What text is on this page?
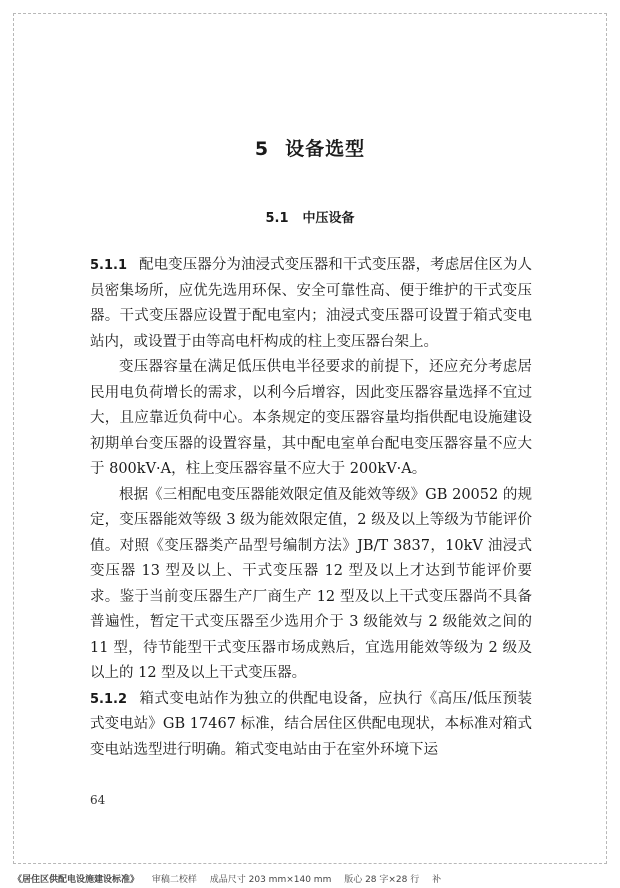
5 设备选型
5.1 中压设备

5.1.1 配电变压器分为油浸式变压器和干式变压器，考虑居住区为人员密集场所，应优先选用环保、安全可靠性高、便于维护的干式变压器。干式变压器应设置于配电室内；油浸式变压器可设置于箱式变电站内，或设置于由等高电杆构成的柱上变压器台架上。

变压器容量在满足低压供电半径要求的前提下，还应充分考虑居民用电负荷增长的需求，以利今后增容，因此变压器容量选择不宜过大，且应靠近负荷中心。本条规定的变压器容量均指供配电设施建设初期单台变压器的设置容量，其中配电室单台配电变压器容量不应大于 800kV·A，柱上变压器容量不应大于 200kV·A。

根据《三相配电变压器能效限定值及能效等级》GB 20052 的规定，变压器能效等级 3 级为能效限定值，2 级及以上等级为节能评价值。对照《变压器类产品型号编制方法》JB/T 3837，10kV 油浸式变压器 13 型及以上、干式变压器 12 型及以上才达到节能评价要求。鉴于当前变压器生产厂商生产 12 型及以上干式变压器尚不具备普遍性，暂定干式变压器至少选用介于 3 级能效与 2 级能效之间的 11 型，待节能型干式变压器市场成熟后，宜选用能效等级为 2 级及以上的 12 型及以上干式变压器。

5.1.2 箱式变电站作为独立的供配电设备，应执行《高压/低压预装式变电站》GB 17467 标准，结合居住区供配电现状，本标准对箱式变电站选型进行明确。箱式变电站由于在室外环境下运

64
《居住区供配电设施建设标准》 审稿二校样 成品尺寸 203 mm×140 mm 版心 28 字×28 行 补
